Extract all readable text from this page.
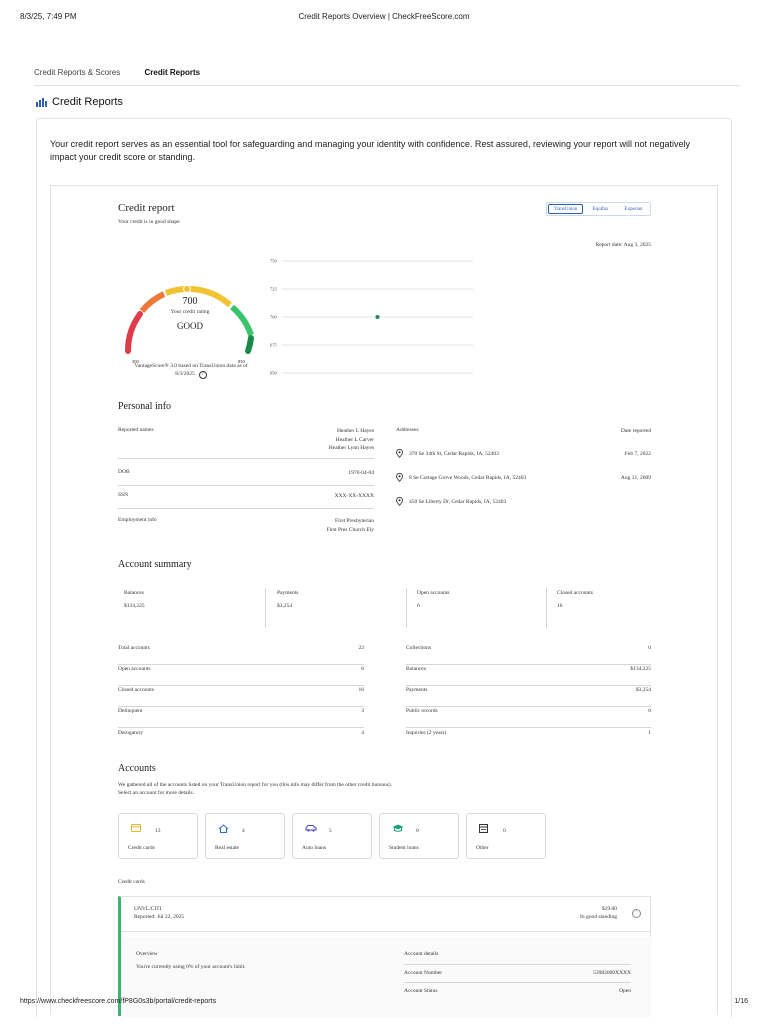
8/3/25, 7:49 PM	Credit Reports Overview | CheckFreeScore.com
Credit Reports & Scores	Credit Reports
Credit Reports
Your credit report serves as an essential tool for safeguarding and managing your identity with confidence. Rest assured, reviewing your report will not negatively impact your credit score or standing.
Credit report
Your credit is in good shape
TransUnion	Equifax	Experian
Report date: Aug 3, 2025
700
Your credit rating
GOOD
300	850
VantageScore® 3.0 based on TransUnion data as of 8/3/2025 ?
750
725
700
675
650
Personal info
Reported names	Heather L Hayes
Heather L Carver
Heather Lynn Hayes
DOB	1970-04-04
SSN	XXX-XX-XXXX
Employment info	First Presbyterian
First Pres Church Ely
Addresses	Date reported
370 Se 34th St, Cedar Rapids, IA, 52403	Feb 7, 2022
8 Se Cottage Grove Woods, Cedar Rapids, IA, 52403	Aug 31, 2009
450 Se Liberty Dr, Cedar Rapids, IA, 52403
Account summary
Balances
$134,225
Payments
$3,254
Open accounts
6
Closed accounts
16
Total accounts	22
Open accounts	6
Closed accounts	16
Delinquent	3
Derogatory	4
Collections	0
Balances	$134,225
Payments	$3,254
Public records	0
Inquiries (2 years)	1
Accounts
We gathered all of the accounts listed on your TransUnion report for you (this info may differ from the other credit bureaus).
Select an account for more details.
13
Credit cards
4
Real estate
5
Auto loans
0
Student loans
0
Other
Credit cards
UNVL/CITI
Reported: Jul 22, 2025
$19.00
In good standing
⌃
Overview
You're currently using 0% of your account's limit.
Account details
Account Number	53982000XXXX
Account Status	Open
https://www.checkfreescore.com/fP8G0s3b/portal/credit-reports	1/16
